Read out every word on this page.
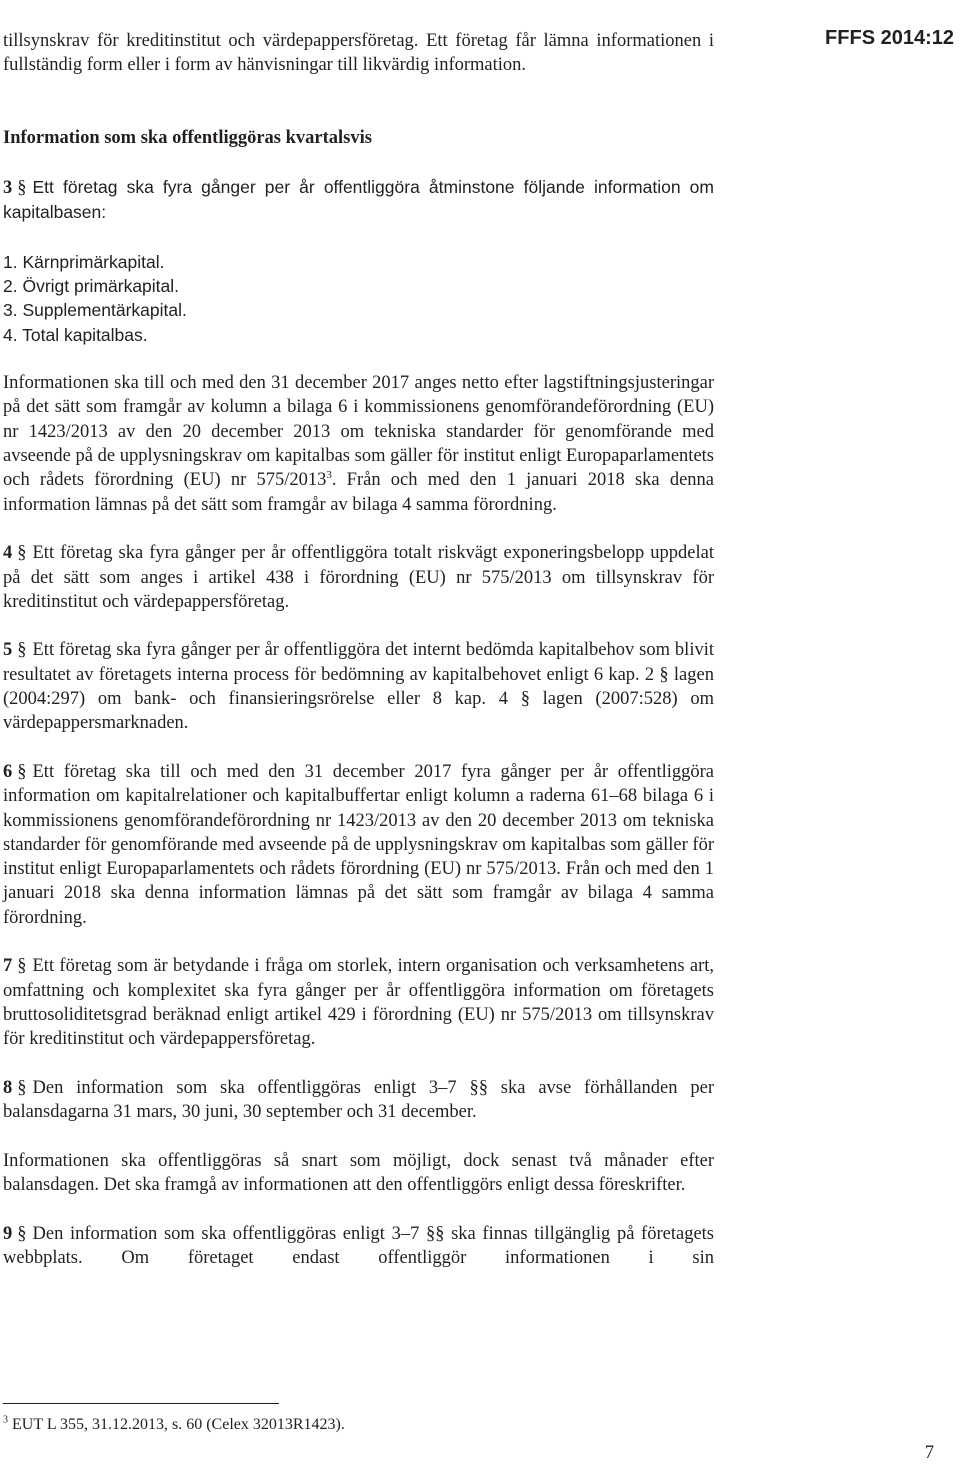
FFFS 2014:12

tillsynskrav för kreditinstitut och värdepappersföretag. Ett företag får lämna informationen i fullständig form eller i form av hänvisningar till likvärdig information.

Information som ska offentliggöras kvartalsvis

3 § Ett företag ska fyra gånger per år offentliggöra åtminstone följande information om kapitalbasen:

1. Kärnprimärkapital.
2. Övrigt primärkapital.
3. Supplementärkapital.
4. Total kapitalbas.

Informationen ska till och med den 31 december 2017 anges netto efter lagstiftningsjusteringar på det sätt som framgår av kolumn a bilaga 6 i kommissionens genomförandeförordning (EU) nr 1423/2013 av den 20 december 2013 om tekniska standarder för genomförande med avseende på de upplysningskrav om kapitalbas som gäller för institut enligt Europaparlamentets och rådets förordning (EU) nr 575/2013$^3$. Från och med den 1 januari 2018 ska denna information lämnas på det sätt som framgår av bilaga 4 samma förordning.

4 § Ett företag ska fyra gånger per år offentliggöra totalt riskvägt exponeringsbelopp uppdelat på det sätt som anges i artikel 438 i förordning (EU) nr 575/2013 om tillsynskrav för kreditinstitut och värdepappersföretag.

5 § Ett företag ska fyra gånger per år offentliggöra det internt bedömda kapitalbehov som blivit resultatet av företagets interna process för bedömning av kapitalbehovet enligt 6 kap. 2 § lagen (2004:297) om bank- och finansieringsrörelse eller 8 kap. 4 § lagen (2007:528) om värdepappersmarknaden.

6 § Ett företag ska till och med den 31 december 2017 fyra gånger per år offentliggöra information om kapitalrelationer och kapitalbuffertar enligt kolumn a raderna 61–68 bilaga 6 i kommissionens genomförandeförordning nr 1423/2013 av den 20 december 2013 om tekniska standarder för genomförande med avseende på de upplysningskrav om kapitalbas som gäller för institut enligt Europaparlamentets och rådets förordning (EU) nr 575/2013. Från och med den 1 januari 2018 ska denna information lämnas på det sätt som framgår av bilaga 4 samma förordning.

7 § Ett företag som är betydande i fråga om storlek, intern organisation och verksamhetens art, omfattning och komplexitet ska fyra gånger per år offentliggöra information om företagets bruttosoliditetsgrad beräknad enligt artikel 429 i förordning (EU) nr 575/2013 om tillsynskrav för kreditinstitut och värdepappersföretag.

8 § Den information som ska offentliggöras enligt 3–7 §§ ska avse förhållanden per balansdagarna 31 mars, 30 juni, 30 september och 31 december.

Informationen ska offentliggöras så snart som möjligt, dock senast två månader efter balansdagen. Det ska framgå av informationen att den offentliggörs enligt dessa föreskrifter.

9 § Den information som ska offentliggöras enligt 3–7 §§ ska finnas tillgänglig på företagets webbplats. Om företaget endast offentliggör informationen i sin

$^3$ EUT L 355, 31.12.2013, s. 60 (Celex 32013R1423).
7
